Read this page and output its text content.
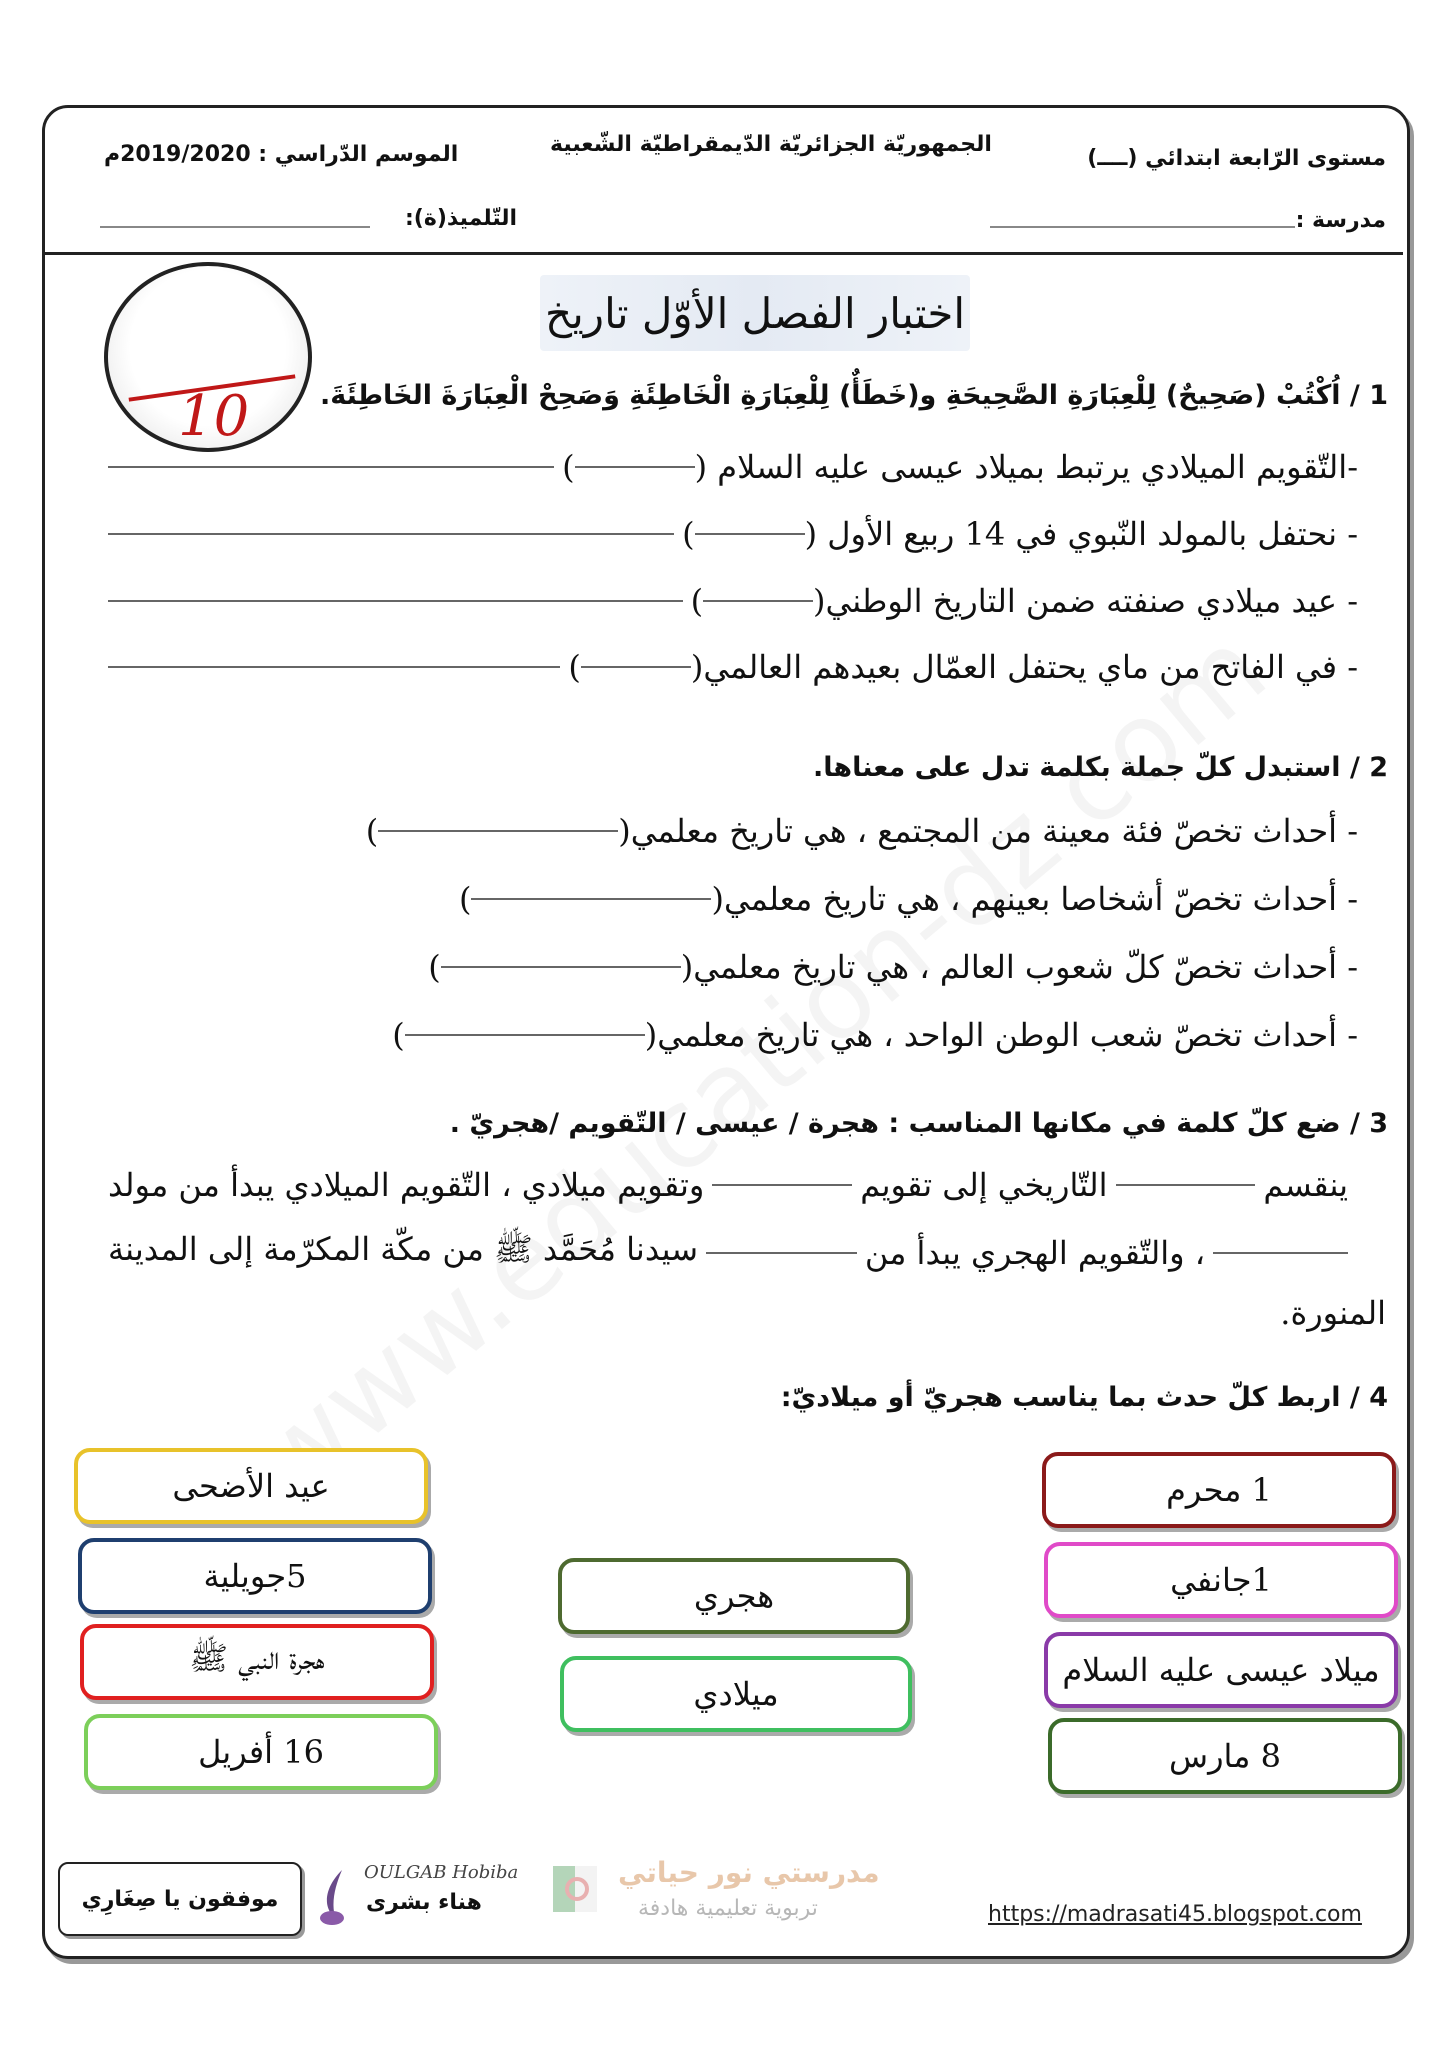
مستوى الرّابعة ابتدائي (ــــ)
الجمهوريّة الجزائريّة الدّيمقراطيّة الشّعبية
الموسم الدّراسي : 2019/2020م
مدرسة :
التّلميذ(ة):
اختبار الفصل الأوّل تاريخ
10	1 / اُكْتُبْ (صَحِيحٌ) لِلْعِبَارَةِ الصَّحِيحَةِ و(خَطَأٌ) لِلْعِبَارَةِ الْخَاطِئَةِ وَصَحِحْ الْعِبَارَةَ الخَاطِئَةَ.
-التّقويم الميلادي يرتبط بميلاد عيسى عليه السلام (
)
- نحتفل بالمولد النّبوي في 14 ربيع الأول (
)
- عيد ميلادي صنفته ضمن التاريخ الوطني(
)
- في الفاتح من ماي يحتفل العمّال بعيدهم العالمي(
)
2 / استبدل كلّ جملة بكلمة تدل على معناها.
- أحداث تخصّ فئة معينة من المجتمع ، هي تاريخ معلمي(
)
- أحداث تخصّ أشخاصا بعينهم ، هي تاريخ معلمي(
)
- أحداث تخصّ كلّ شعوب العالم ، هي تاريخ معلمي(
)
- أحداث تخصّ شعب الوطن الواحد ، هي تاريخ معلمي(
)
3 / ضع كلّ كلمة في مكانها المناسب : هجرة / عيسى / التّقويم /هجريّ .
ينقسم
التّاريخي إلى تقويم
وتقويم ميلادي ، التّقويم الميلادي يبدأ من مولد
، والتّقويم الهجري يبدأ من
سيدنا مُحَمَّد ﷺ من مكّة المكرّمة إلى المدينة
المنورة.
4 / اربط كلّ حدث بما يناسب هجريّ أو ميلاديّ:
1 محرم
1جانفي
ميلاد عيسى عليه السلام
8 مارس
عيد الأضحى
5جويلية
هجرة النبي ﷺ
16 أفريل
هجري
ميلادي
موفقون يا صِغَارِي
OULGAB Hobiba
هناء بشرى
مدرستي نور حياتي
تربوية تعليمية هادفة	https://madrasati45.blogspot.com
